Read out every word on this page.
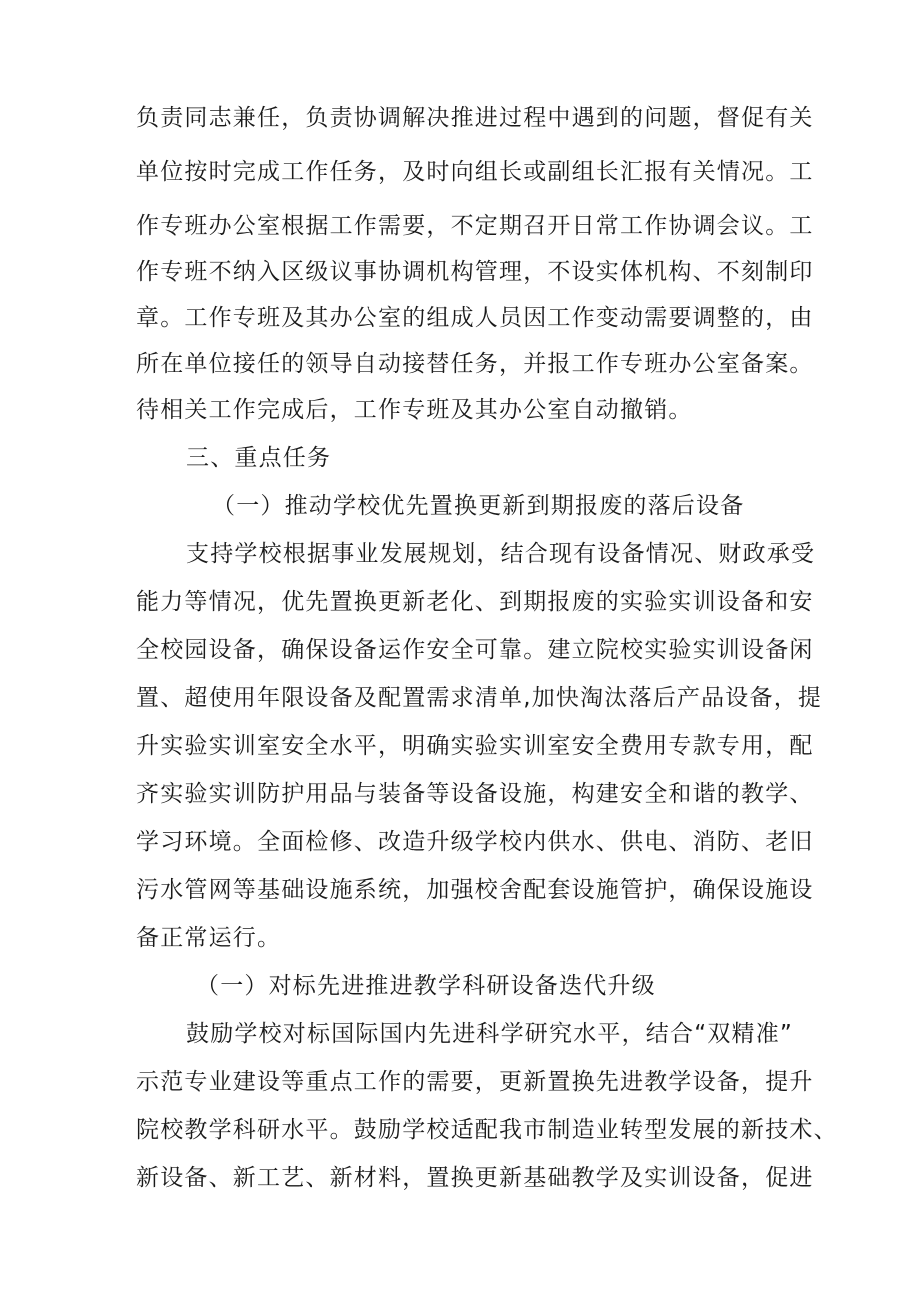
负责同志兼任，负责协调解决推进过程中遇到的问题，督促有关
单位按时完成工作任务，及时向组长或副组长汇报有关情况。工
作专班办公室根据工作需要，不定期召开日常工作协调会议。工
作专班不纳入区级议事协调机构管理，不设实体机构、不刻制印
章。工作专班及其办公室的组成人员因工作变动需要调整的，由
所在单位接任的领导自动接替任务，并报工作专班办公室备案。
待相关工作完成后，工作专班及其办公室自动撤销。
三、重点任务
（一）推动学校优先置换更新到期报废的落后设备
支持学校根据事业发展规划，结合现有设备情况、财政承受
能力等情况，优先置换更新老化、到期报废的实验实训设备和安
全校园设备，确保设备运作安全可靠。建立院校实验实训设备闲
置、超使用年限设备及配置需求清单,加快淘汰落后产品设备，提
升实验实训室安全水平，明确实验实训室安全费用专款专用，配
齐实验实训防护用品与装备等设备设施，构建安全和谐的教学、
学习环境。全面检修、改造升级学校内供水、供电、消防、老旧
污水管网等基础设施系统，加强校舍配套设施管护，确保设施设
备正常运行。
（一）对标先进推进教学科研设备迭代升级
鼓励学校对标国际国内先进科学研究水平，结合“双精准”
示范专业建设等重点工作的需要，更新置换先进教学设备，提升
院校教学科研水平。鼓励学校适配我市制造业转型发展的新技术、
新设备、新工艺、新材料，置换更新基础教学及实训设备，促进
